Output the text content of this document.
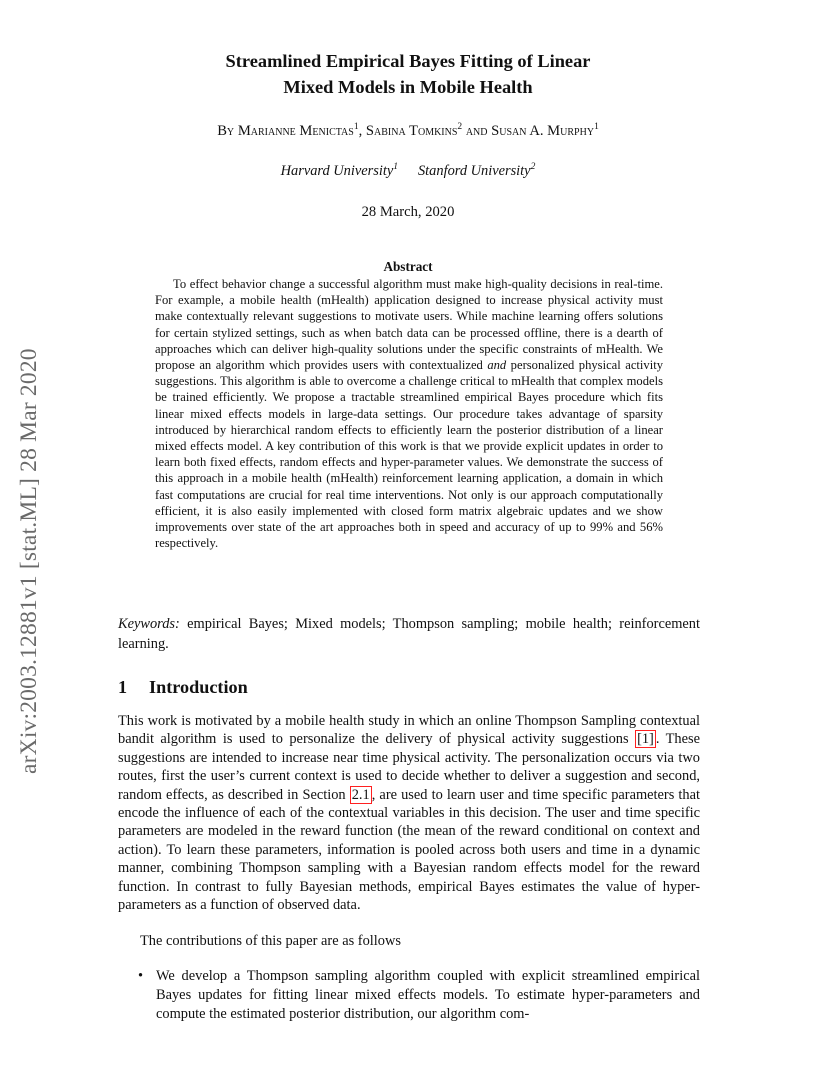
arXiv:2003.12881v1 [stat.ML] 28 Mar 2020
Streamlined Empirical Bayes Fitting of Linear
Mixed Models in Mobile Health
By Marianne Menictas$^1$, Sabina Tomkins$^2$ and Susan A. Murphy$^1$
Harvard University$^1$ Stanford University$^2$
28 March, 2020
Abstract

To effect behavior change a successful algorithm must make high-quality decisions in real-time. For example, a mobile health (mHealth) application designed to increase physical activity must make contextually relevant suggestions to motivate users. While machine learning offers solutions for certain stylized settings, such as when batch data can be processed offline, there is a dearth of approaches which can deliver high-quality solutions under the specific constraints of mHealth. We propose an algorithm which provides users with contextualized and personalized physical activity suggestions. This algorithm is able to overcome a challenge critical to mHealth that complex models be trained efficiently. We propose a tractable streamlined empirical Bayes procedure which fits linear mixed effects models in large-data settings. Our procedure takes advantage of sparsity introduced by hierarchical random effects to efficiently learn the posterior distribution of a linear mixed effects model. A key contribution of this work is that we provide explicit updates in order to learn both fixed effects, random effects and hyper-parameter values. We demonstrate the success of this approach in a mobile health (mHealth) reinforcement learning application, a domain in which fast computations are crucial for real time interventions. Not only is our approach computationally efficient, it is also easily implemented with closed form matrix algebraic updates and we show improvements over state of the art approaches both in speed and accuracy of up to 99% and 56% respectively.

Keywords: empirical Bayes; Mixed models; Thompson sampling; mobile health; reinforcement learning.

1 Introduction

This work is motivated by a mobile health study in which an online Thompson Sampling contextual bandit algorithm is used to personalize the delivery of physical activity suggestions [1] . These suggestions are intended to increase near time physical activity. The personalization occurs via two routes, first the user’s current context is used to decide whether to deliver a suggestion and second, random effects, as described in Section 2.1 , are used to learn user and time specific parameters that encode the influence of each of the contextual variables in this decision. The user and time specific parameters are modeled in the reward function (the mean of the reward conditional on context and action). To learn these parameters, information is pooled across both users and time in a dynamic manner, combining Thompson sampling with a Bayesian random effects model for the reward function. In contrast to fully Bayesian methods, empirical Bayes estimates the value of hyper-parameters as a function of observed data.

The contributions of this paper are as follows

• We develop a Thompson sampling algorithm coupled with explicit streamlined empirical Bayes updates for fitting linear mixed effects models. To estimate hyper-parameters and compute the estimated posterior distribution, our algorithm com-
